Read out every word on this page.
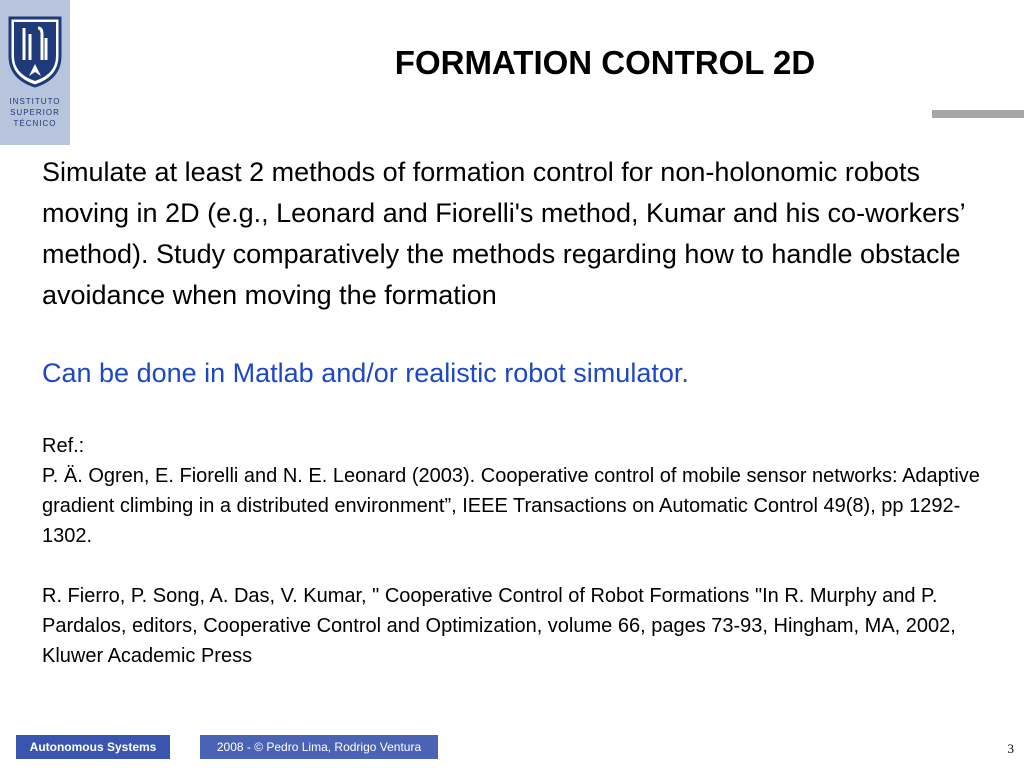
INSTITUTO
SUPERIOR
TÉCNICO
FORMATION CONTROL 2D

Simulate at least 2 methods of formation control for non-holonomic robots moving in 2D (e.g., Leonard and Fiorelli's method, Kumar and his co-workers’ method). Study comparatively the methods regarding how to handle obstacle avoidance when moving the formation

Can be done in Matlab and/or realistic robot simulator.

Ref.:

P. Ä. Ogren, E. Fiorelli and N. E. Leonard (2003). Cooperative control of mobile sensor networks: Adaptive gradient climbing in a distributed environment”, IEEE Transactions on Automatic Control 49(8), pp 1292-1302.

R. Fierro, P. Song, A. Das, V. Kumar, " Cooperative Control of Robot Formations "In R. Murphy and P. Pardalos, editors, Cooperative Control and Optimization, volume 66, pages 73-93, Hingham, MA, 2002, Kluwer Academic Press

Autonomous Systems	2008 - © Pedro Lima, Rodrigo Ventura	3
